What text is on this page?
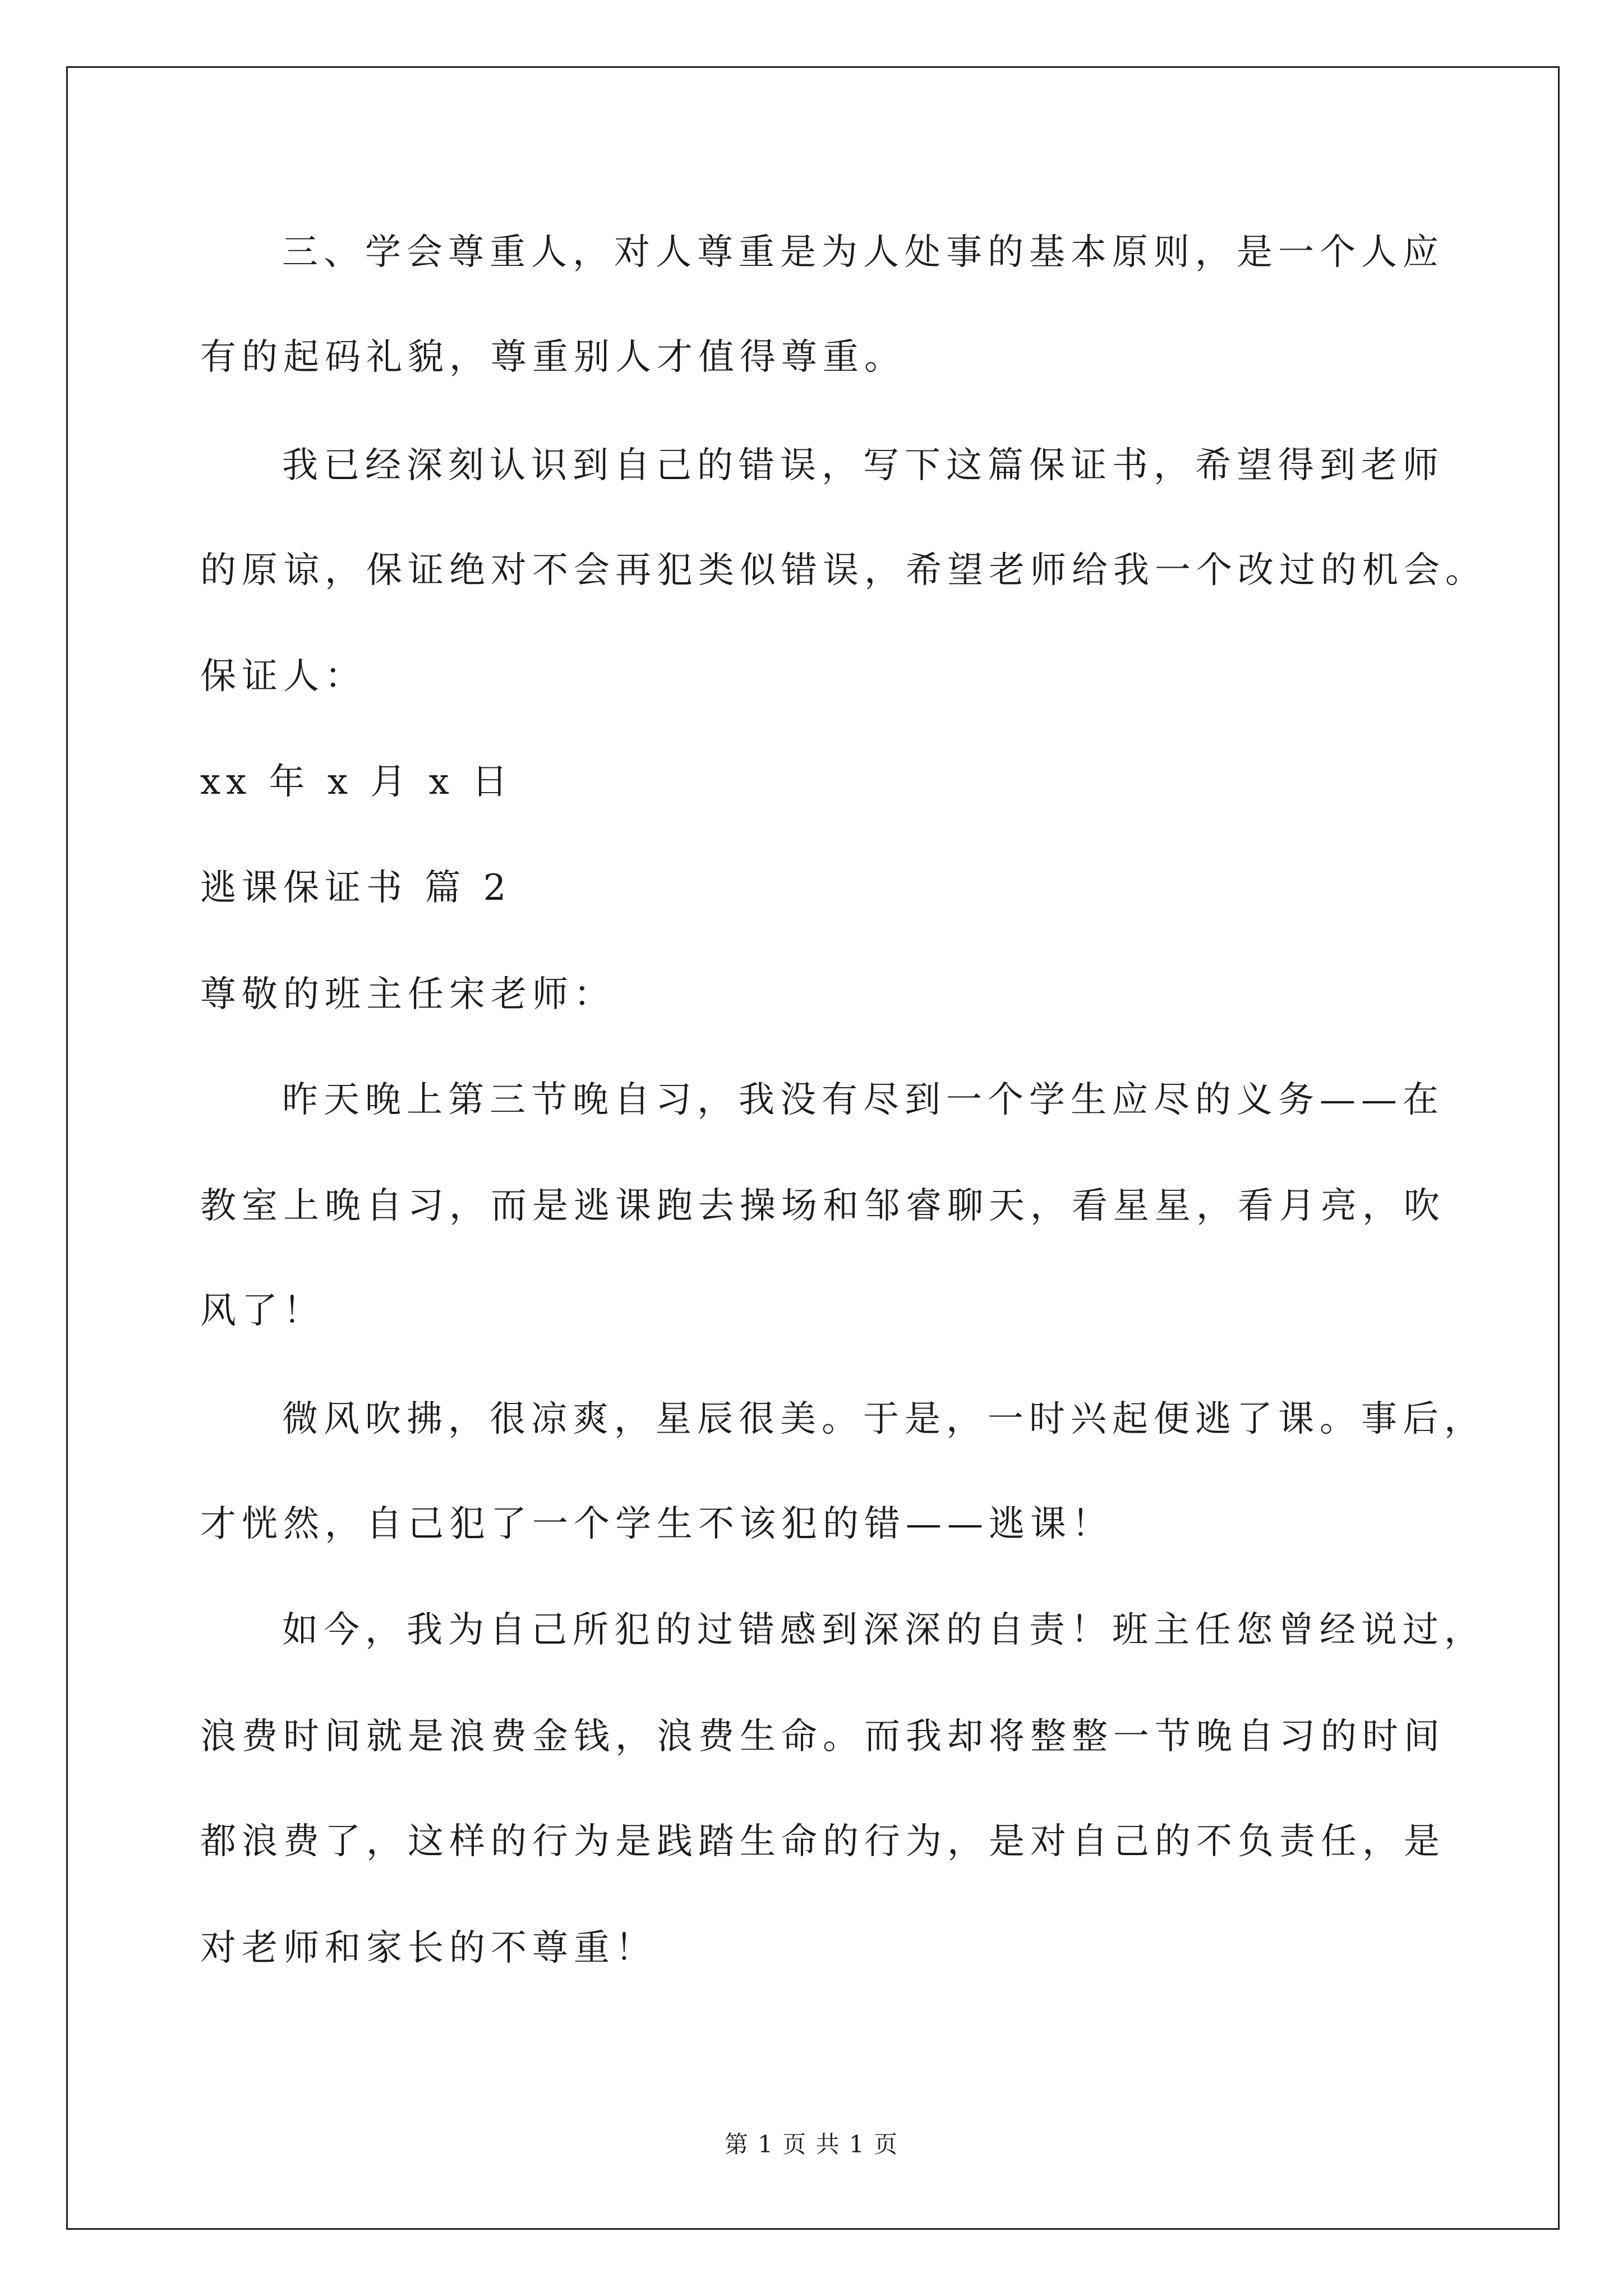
三、学会尊重人，对人尊重是为人处事的基本原则，是一个人应
有的起码礼貌，尊重别人才值得尊重。
我已经深刻认识到自己的错误，写下这篇保证书，希望得到老师
的原谅，保证绝对不会再犯类似错误，希望老师给我一个改过的机会。
保证人：
xx 年 x 月 x 日
逃课保证书 篇 2
尊敬的班主任宋老师：
昨天晚上第三节晚自习，我没有尽到一个学生应尽的义务——在
教室上晚自习，而是逃课跑去操场和邹睿聊天，看星星，看月亮，吹
风了！
微风吹拂，很凉爽，星辰很美。于是，一时兴起便逃了课。事后，
才恍然，自己犯了一个学生不该犯的错——逃课！
如今，我为自己所犯的过错感到深深的自责！班主任您曾经说过，
浪费时间就是浪费金钱，浪费生命。而我却将整整一节晚自习的时间
都浪费了，这样的行为是践踏生命的行为，是对自己的不负责任，是
对老师和家长的不尊重！
第 1 页 共 1 页
